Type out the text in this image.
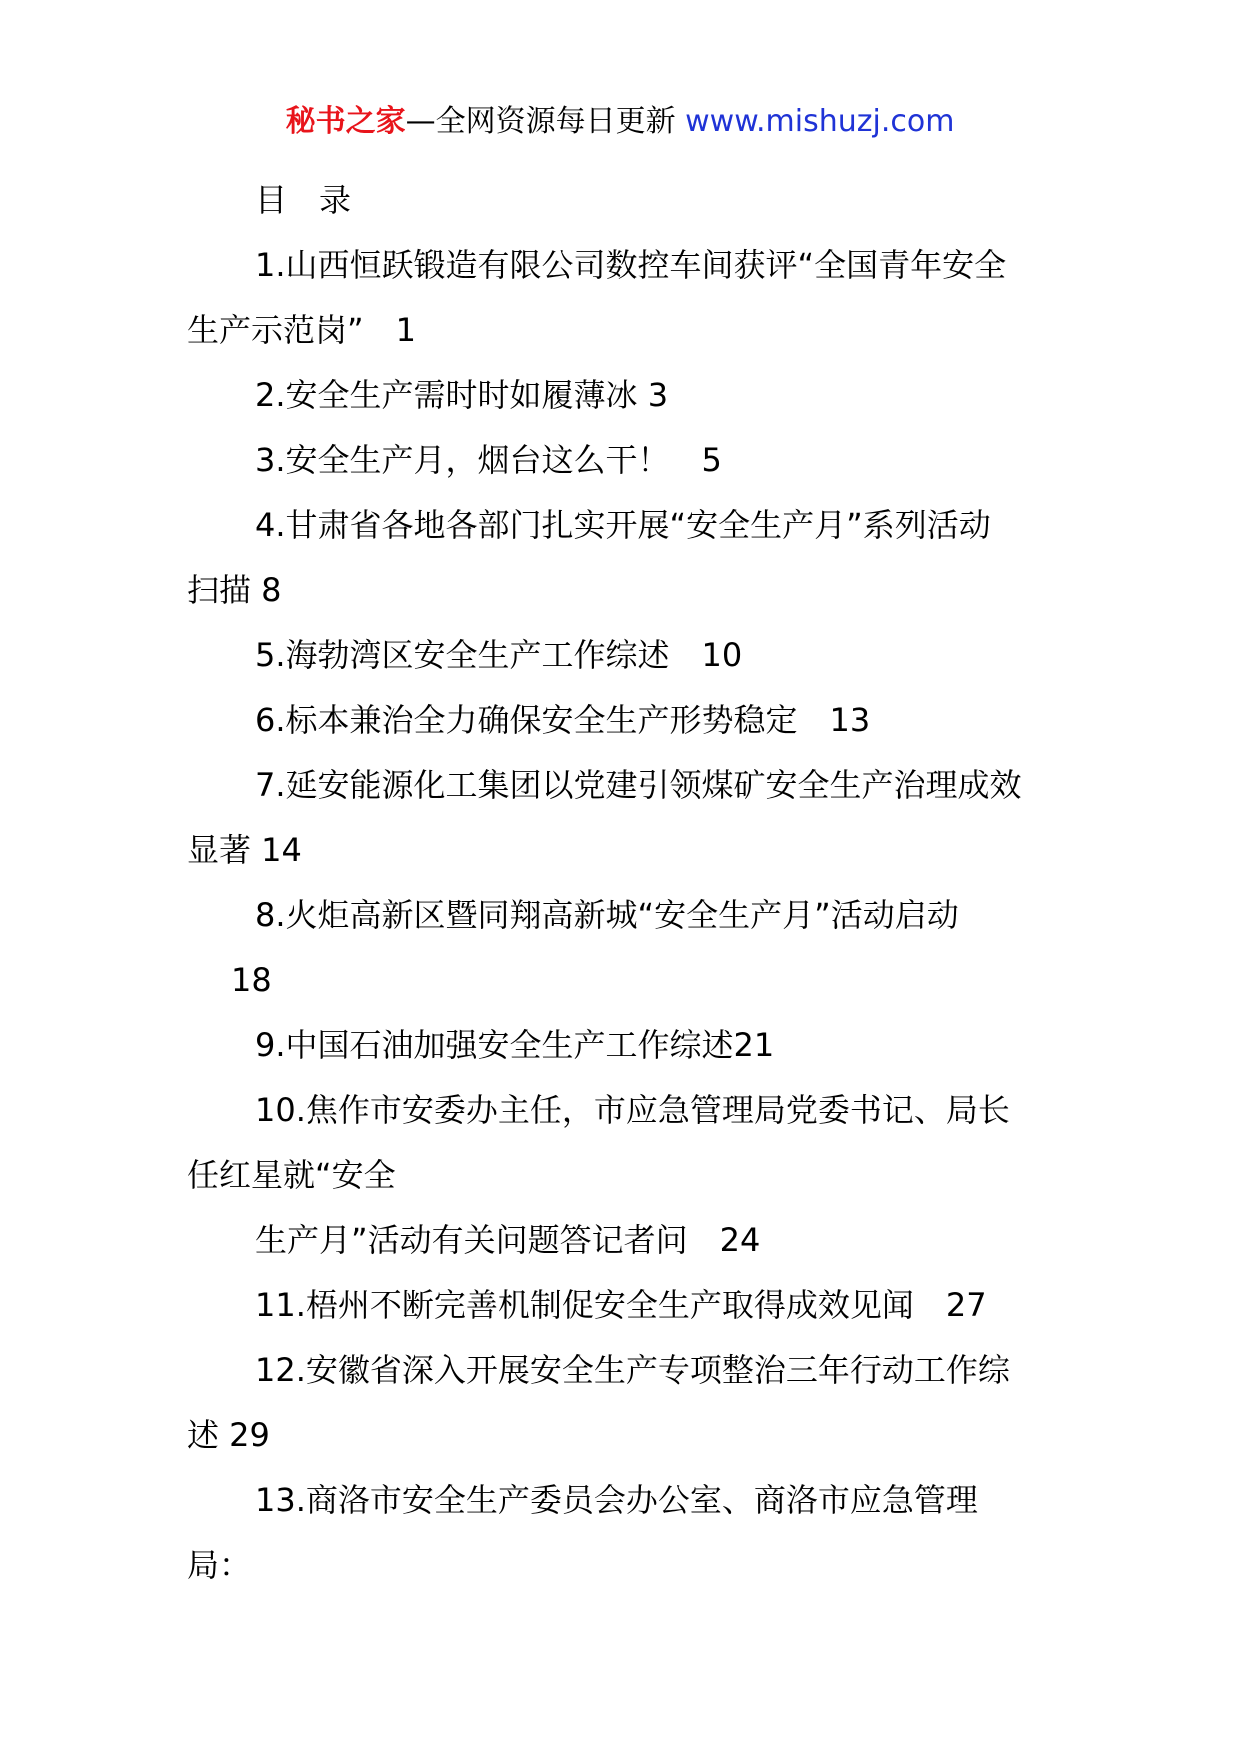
秘书之家—全网资源每日更新 www.mishuzj.com
目　录
1.山西恒跃锻造有限公司数控车间获评“全国青年安全
生产示范岗”　1
2.安全生产需时时如履薄冰 3
3.安全生产月，烟台这么干！　5
4.甘肃省各地各部门扎实开展“安全生产月”系列活动
扫描 8
5.海勃湾区安全生产工作综述　10
6.标本兼治全力确保安全生产形势稳定　13
7.延安能源化工集团以党建引领煤矿安全生产治理成效
显著 14
8.火炬高新区暨同翔高新城“安全生产月”活动启动
18
9.中国石油加强安全生产工作综述21
10.焦作市安委办主任，市应急管理局党委书记、局长
任红星就“安全
生产月”活动有关问题答记者问　24
11.梧州不断完善机制促安全生产取得成效见闻　27
12.安徽省深入开展安全生产专项整治三年行动工作综
述 29
13.商洛市安全生产委员会办公室、商洛市应急管理
局：
